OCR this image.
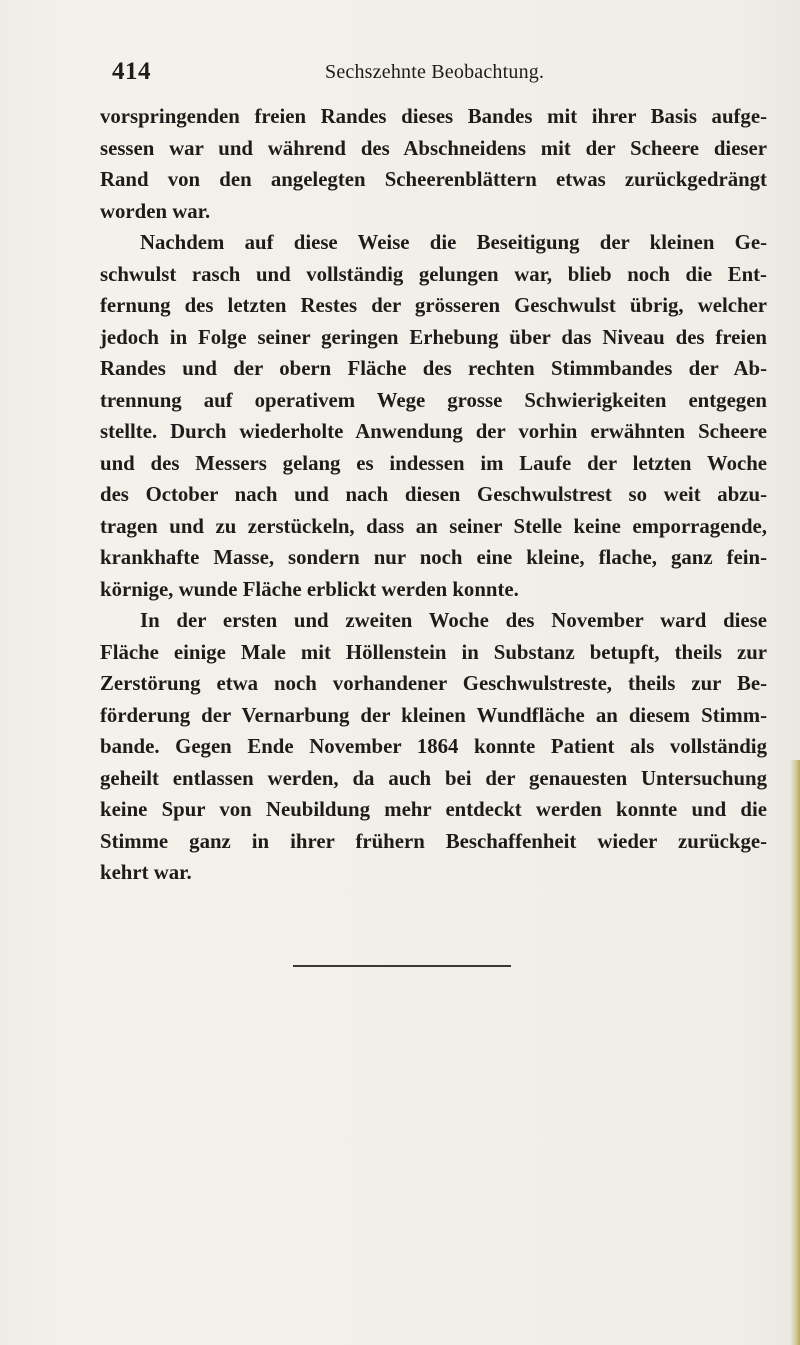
414	Sechszehnte Beobachtung.
vorspringenden freien Randes dieses Bandes mit ihrer Basis aufge-
sessen war und während des Abschneidens mit der Scheere dieser
Rand von den angelegten Scheerenblättern etwas zurückgedrängt
worden war.
Nachdem auf diese Weise die Beseitigung der kleinen Ge-
schwulst rasch und vollständig gelungen war, blieb noch die Ent-
fernung des letzten Restes der grösseren Geschwulst übrig, welcher
jedoch in Folge seiner geringen Erhebung über das Niveau des freien
Randes und der obern Fläche des rechten Stimmbandes der Ab-
trennung auf operativem Wege grosse Schwierigkeiten entgegen
stellte. Durch wiederholte Anwendung der vorhin erwähnten Scheere
und des Messers gelang es indessen im Laufe der letzten Woche
des October nach und nach diesen Geschwulstrest so weit abzu-
tragen und zu zerstückeln, dass an seiner Stelle keine emporragende,
krankhafte Masse, sondern nur noch eine kleine, flache, ganz fein-
körnige, wunde Fläche erblickt werden konnte.
In der ersten und zweiten Woche des November ward diese
Fläche einige Male mit Höllenstein in Substanz betupft, theils zur
Zerstörung etwa noch vorhandener Geschwulstreste, theils zur Be-
förderung der Vernarbung der kleinen Wundfläche an diesem Stimm-
bande. Gegen Ende November 1864 konnte Patient als vollständig
geheilt entlassen werden, da auch bei der genauesten Untersuchung
keine Spur von Neubildung mehr entdeckt werden konnte und die
Stimme ganz in ihrer frühern Beschaffenheit wieder zurückge-
kehrt war.
